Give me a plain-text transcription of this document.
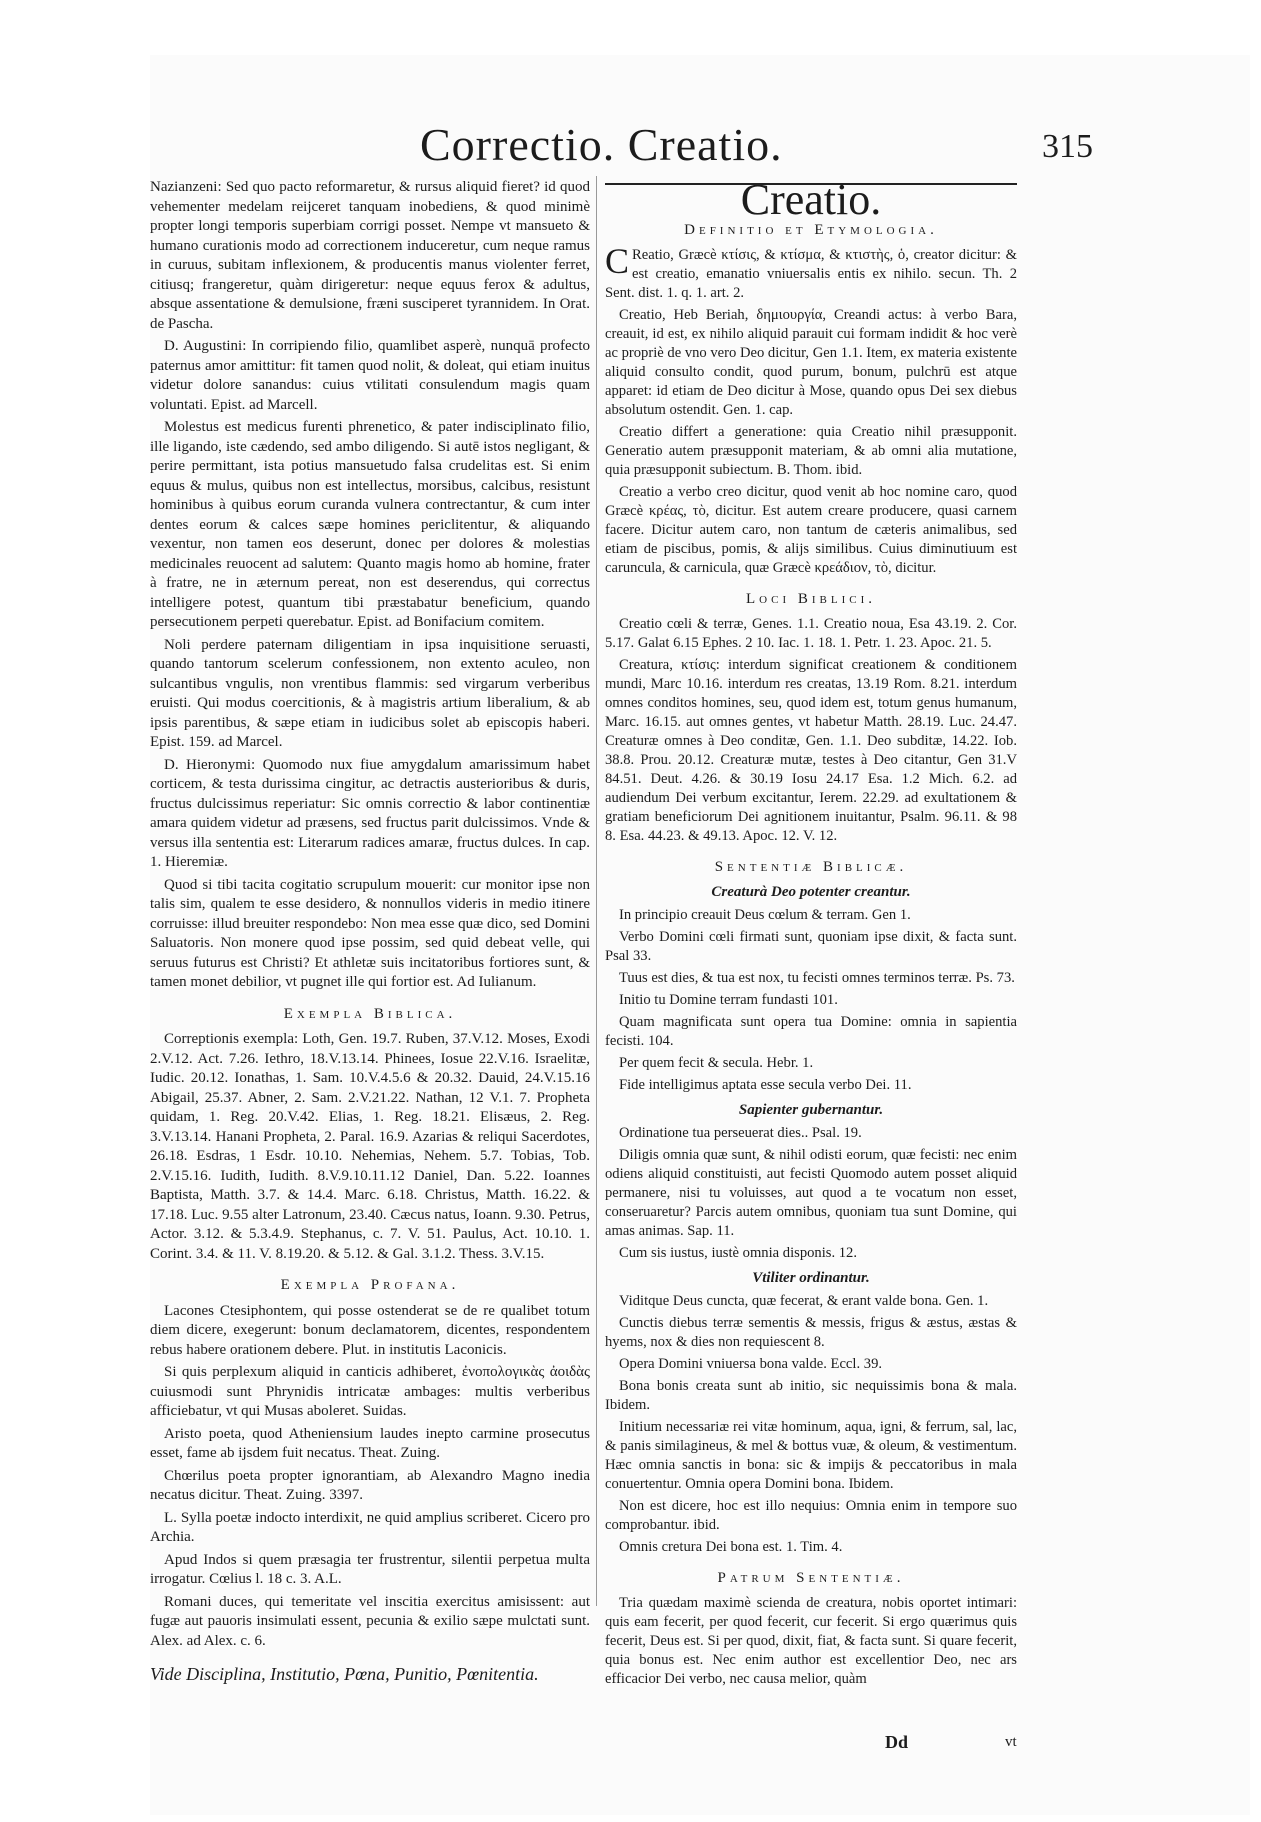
Correctio. Creatio.	315

Nazianzeni: Sed quo pacto reformaretur, & rursus aliquid fieret? id quod vehementer medelam reijceret tanquam inobediens, & quod minimè propter longi temporis superbiam corrigi posset. Nempe vt mansueto & humano curationis modo ad correctionem induceretur, cum neque ramus in curuus, subitam inflexionem, & producentis manus violenter ferret, citiusq; frangeretur, quàm dirigeretur: neque equus ferox & adultus, absque assentatione & demulsione, fræni susciperet tyrannidem. In Orat. de Pascha.

D. Augustini: In corripiendo filio, quamlibet asperè, nunquā profecto paternus amor amittitur: fit tamen quod nolit, & doleat, qui etiam inuitus videtur dolore sanandus: cuius vtilitati consulendum magis quam voluntati. Epist. ad Marcell.

Molestus est medicus furenti phrenetico, & pater indisciplinato filio, ille ligando, iste cædendo, sed ambo diligendo. Si autē istos negligant, & perire permittant, ista potius mansuetudo falsa crudelitas est. Si enim equus & mulus, quibus non est intellectus, morsibus, calcibus, resistunt hominibus à quibus eorum curanda vulnera contrectantur, & cum inter dentes eorum & calces sæpe homines periclitentur, & aliquando vexentur, non tamen eos deserunt, donec per dolores & molestias medicinales reuocent ad salutem: Quanto magis homo ab homine, frater à fratre, ne in æternum pereat, non est deserendus, qui correctus intelligere potest, quantum tibi præstabatur beneficium, quando persecutionem perpeti querebatur. Epist. ad Bonifacium comitem.

Noli perdere paternam diligentiam in ipsa inquisitione seruasti, quando tantorum scelerum confessionem, non extento aculeo, non sulcantibus vngulis, non vrentibus flammis: sed virgarum verberibus eruisti. Qui modus coercitionis, & à magistris artium liberalium, & ab ipsis parentibus, & sæpe etiam in iudicibus solet ab episcopis haberi. Epist. 159. ad Marcel.

D. Hieronymi: Quomodo nux fiue amygdalum amarissimum habet corticem, & testa durissima cingitur, ac detractis austerioribus & duris, fructus dulcissimus reperiatur: Sic omnis correctio & labor continentiæ amara quidem videtur ad præsens, sed fructus parit dulcissimos. Vnde & versus illa sententia est: Literarum radices amaræ, fructus dulces. In cap. 1. Hieremiæ.

Quod si tibi tacita cogitatio scrupulum mouerit: cur monitor ipse non talis sim, qualem te esse desidero, & nonnullos videris in medio itinere corruisse: illud breuiter respondebo: Non mea esse quæ dico, sed Domini Saluatoris. Non monere quod ipse possim, sed quid debeat velle, qui seruus futurus est Christi? Et athletæ suis incitatoribus fortiores sunt, & tamen monet debilior, vt pugnet ille qui fortior est. Ad Iulianum.

Exempla Biblica.

Correptionis exempla: Loth, Gen. 19.7. Ruben, 37.V.12. Moses, Exodi 2.V.12. Act. 7.26. Iethro, 18.V.13.14. Phinees, Iosue 22.V.16. Israelitæ, Iudic. 20.12. Ionathas, 1. Sam. 10.V.4.5.6 & 20.32. Dauid, 24.V.15.16 Abigail, 25.37. Abner, 2. Sam. 2.V.21.22. Nathan, 12 V.1. 7. Propheta quidam, 1. Reg. 20.V.42. Elias, 1. Reg. 18.21. Elisæus, 2. Reg. 3.V.13.14. Hanani Propheta, 2. Paral. 16.9. Azarias & reliqui Sacerdotes, 26.18. Esdras, 1 Esdr. 10.10. Nehemias, Nehem. 5.7. Tobias, Tob. 2.V.15.16. Iudith, Iudith. 8.V.9.10.11.12 Daniel, Dan. 5.22. Ioannes Baptista, Matth. 3.7. & 14.4. Marc. 6.18. Christus, Matth. 16.22. & 17.18. Luc. 9.55 alter Latronum, 23.40. Cæcus natus, Ioann. 9.30. Petrus, Actor. 3.12. & 5.3.4.9. Stephanus, c. 7. V. 51. Paulus, Act. 10.10. 1. Corint. 3.4. & 11. V. 8.19.20. & 5.12. & Gal. 3.1.2. Thess. 3.V.15.

Exempla Profana.

Lacones Ctesiphontem, qui posse ostenderat se de re qualibet totum diem dicere, exegerunt: bonum declamatorem, dicentes, respondentem rebus habere orationem debere. Plut. in institutis Laconicis.

Si quis perplexum aliquid in canticis adhiberet, ἐνοπολογικὰς ἀοιδὰς cuiusmodi sunt Phrynidis intricatæ ambages: multis verberibus afficiebatur, vt qui Musas aboleret. Suidas.

Aristo poeta, quod Atheniensium laudes inepto carmine prosecutus esset, fame ab ijsdem fuit necatus. Theat. Zuing.

Chœrilus poeta propter ignorantiam, ab Alexandro Magno inedia necatus dicitur. Theat. Zuing. 3397.

L. Sylla poetæ indocto interdixit, ne quid amplius scriberet. Cicero pro Archia.

Apud Indos si quem præsagia ter frustrentur, silentii perpetua multa irrogatur. Cœlius l. 18 c. 3. A.L.

Romani duces, qui temeritate vel inscitia exercitus amisissent: aut fugæ aut pauoris insimulati essent, pecunia & exilio sæpe mulctati sunt. Alex. ad Alex. c. 6.

Vide Disciplina, Institutio, Pœna, Punitio, Pœnitentia.
Creatio.
Definitio et Etymologia.

C Reatio, Græcè κτίσις, & κτίσμα, & κτιστὴς, ὁ, creator dicitur: & est creatio, emanatio vniuersalis entis ex nihilo. secun. Th. 2 Sent. dist. 1. q. 1. art. 2.

Creatio, Heb Beriah, δημιουργία, Creandi actus: à verbo Bara, creauit, id est, ex nihilo aliquid parauit cui formam indidit & hoc verè ac propriè de vno vero Deo dicitur, Gen 1.1. Item, ex materia existente aliquid consulto condit, quod purum, bonum, pulchrū est atque apparet: id etiam de Deo dicitur à Mose, quando opus Dei sex diebus absolutum ostendit. Gen. 1. cap.

Creatio differt a generatione: quia Creatio nihil præsupponit. Generatio autem præsupponit materiam, & ab omni alia mutatione, quia præsupponit subiectum. B. Thom. ibid.

Creatio a verbo creo dicitur, quod venit ab hoc nomine caro, quod Græcè κρέας, τὸ, dicitur. Est autem creare producere, quasi carnem facere. Dicitur autem caro, non tantum de cæteris animalibus, sed etiam de piscibus, pomis, & alijs similibus. Cuius diminutiuum est caruncula, & carnicula, quæ Græcè κρεάδιον, τὸ, dicitur.

Loci Biblici.

Creatio cœli & terræ, Genes. 1.1. Creatio noua, Esa 43.19. 2. Cor. 5.17. Galat 6.15 Ephes. 2 10. Iac. 1. 18. 1. Petr. 1. 23. Apoc. 21. 5.

Creatura, κτίσις: interdum significat creationem & conditionem mundi, Marc 10.16. interdum res creatas, 13.19 Rom. 8.21. interdum omnes conditos homines, seu, quod idem est, totum genus humanum, Marc. 16.15. aut omnes gentes, vt habetur Matth. 28.19. Luc. 24.47. Creaturæ omnes à Deo conditæ, Gen. 1.1. Deo subditæ, 14.22. Iob. 38.8. Prou. 20.12. Creaturæ mutæ, testes à Deo citantur, Gen 31.V 84.51. Deut. 4.26. & 30.19 Iosu 24.17 Esa. 1.2 Mich. 6.2. ad audiendum Dei verbum excitantur, Ierem. 22.29. ad exultationem & gratiam beneficiorum Dei agnitionem inuitantur, Psalm. 96.11. & 98 8. Esa. 44.23. & 49.13. Apoc. 12. V. 12.

Sententiæ Biblicæ.
Creaturà Deo potenter creantur.

In principio creauit Deus cœlum & terram. Gen 1.

Verbo Domini cœli firmati sunt, quoniam ipse dixit, & facta sunt. Psal 33.

Tuus est dies, & tua est nox, tu fecisti omnes terminos terræ. Ps. 73.

Initio tu Domine terram fundasti 101.

Quam magnificata sunt opera tua Domine: omnia in sapientia fecisti. 104.

Per quem fecit & secula. Hebr. 1.

Fide intelligimus aptata esse secula verbo Dei. 11.

Sapienter gubernantur.

Ordinatione tua perseuerat dies.. Psal. 19.

Diligis omnia quæ sunt, & nihil odisti eorum, quæ fecisti: nec enim odiens aliquid constituisti, aut fecisti Quomodo autem posset aliquid permanere, nisi tu voluisses, aut quod a te vocatum non esset, conseruaretur? Parcis autem omnibus, quoniam tua sunt Domine, qui amas animas. Sap. 11.

Cum sis iustus, iustè omnia disponis. 12.

Vtiliter ordinantur.

Viditque Deus cuncta, quæ fecerat, & erant valde bona. Gen. 1.

Cunctis diebus terræ sementis & messis, frigus & æstus, æstas & hyems, nox & dies non requiescent 8.

Opera Domini vniuersa bona valde. Eccl. 39.

Bona bonis creata sunt ab initio, sic nequissimis bona & mala. Ibidem.

Initium necessariæ rei vitæ hominum, aqua, igni, & ferrum, sal, lac, & panis similagineus, & mel & bottus vuæ, & oleum, & vestimentum. Hæc omnia sanctis in bona: sic & impijs & peccatoribus in mala conuertentur. Omnia opera Domini bona. Ibidem.

Non est dicere, hoc est illo nequius: Omnia enim in tempore suo comprobantur. ibid.

Omnis cretura Dei bona est. 1. Tim. 4.

Patrum Sententiæ.

Tria quædam maximè scienda de creatura, nobis oportet intimari: quis eam fecerit, per quod fecerit, cur fecerit. Si ergo quærimus quis fecerit, Deus est. Si per quod, dixit, fiat, & facta sunt. Si quare fecerit, quia bonus est. Nec enim author est excellentior Deo, nec ars efficacior Dei verbo, nec causa melior, quàm

Dd	vt
